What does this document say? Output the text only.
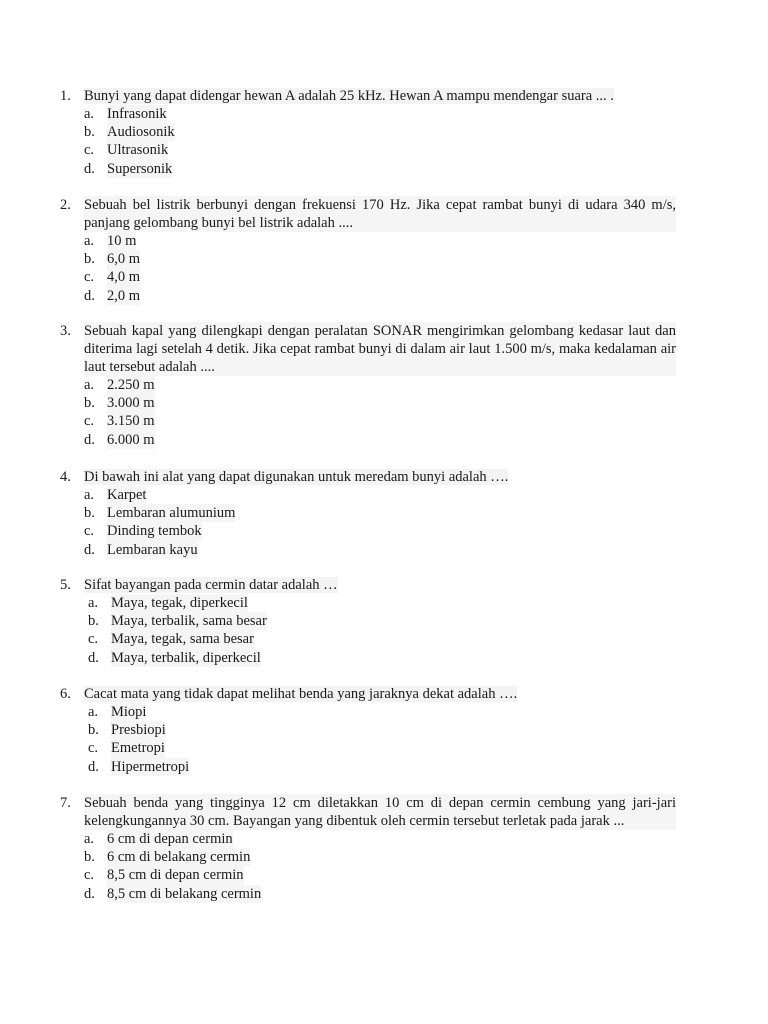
1. Bunyi yang dapat didengar hewan A adalah 25 kHz. Hewan A mampu mendengar suara ... .
a. Infrasonik
b. Audiosonik
c. Ultrasonik
d. Supersonik
2. Sebuah bel listrik berbunyi dengan frekuensi 170 Hz. Jika cepat rambat bunyi di udara 340 m/s, panjang gelombang bunyi bel listrik adalah ....
a. 10 m
b. 6,0 m
c. 4,0 m
d. 2,0 m
3. Sebuah kapal yang dilengkapi dengan peralatan SONAR mengirimkan gelombang kedasar laut dan diterima lagi setelah 4 detik. Jika cepat rambat bunyi di dalam air laut 1.500 m/s, maka kedalaman air laut tersebut adalah ....
a. 2.250 m
b. 3.000 m
c. 3.150 m
d. 6.000 m
4. Di bawah ini alat yang dapat digunakan untuk meredam bunyi adalah ….
a. Karpet
b. Lembaran alumunium
c. Dinding tembok
d. Lembaran kayu
5. Sifat bayangan pada cermin datar adalah …
a. Maya, tegak, diperkecil
b. Maya, terbalik, sama besar
c. Maya, tegak, sama besar
d. Maya, terbalik, diperkecil
6. Cacat mata yang tidak dapat melihat benda yang jaraknya dekat adalah ….
a. Miopi
b. Presbiopi
c. Emetropi
d. Hipermetropi
7. Sebuah benda yang tingginya 12 cm diletakkan 10 cm di depan cermin cembung yang jari-jari kelengkungannya 30 cm. Bayangan yang dibentuk oleh cermin tersebut terletak pada jarak ...
a. 6 cm di depan cermin
b. 6 cm di belakang cermin
c. 8,5 cm di depan cermin
d. 8,5 cm di belakang cermin
